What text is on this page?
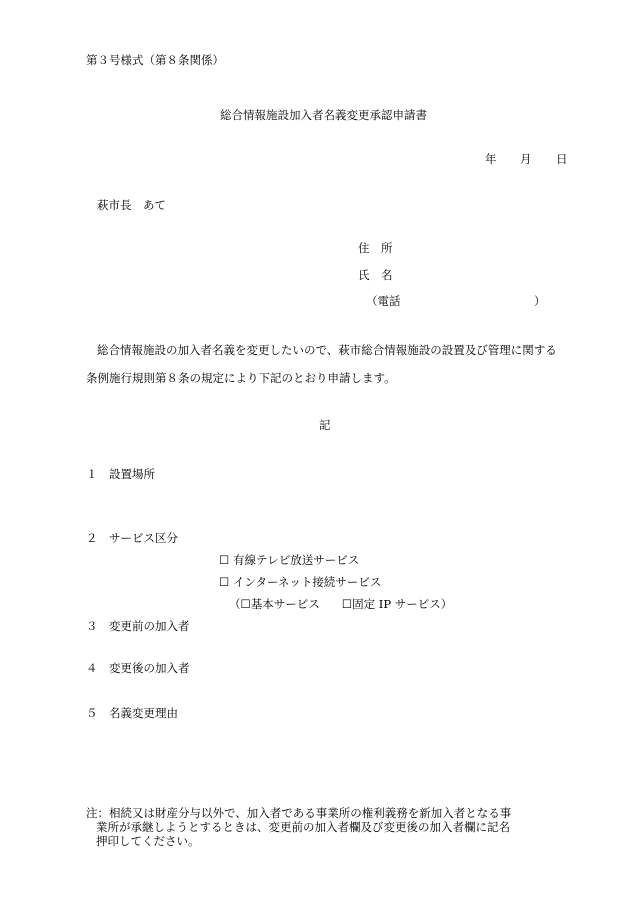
第３号様式（第８条関係）
総合情報施設加入者名義変更承認申請書
年 月 日
萩市長　あて
住　所
氏　名
（電話	）
総合情報施設の加入者名義を変更したいので、萩市総合情報施設の設置及び管理に関する
条例施行規則第８条の規定により下記のとおり申請します。
記
１ 設置場所
２ サービス区分
☐ 有線テレビ放送サービス
☐ インターネット接続サービス
（☐基本サービス ☐固定 IP サービス）
３ 変更前の加入者
４ 変更後の加入者
５ 名義変更理由
注：相続又は財産分与以外で、加入者である事業所の権利義務を新加入者となる事
業所が承継しようとするときは、変更前の加入者欄及び変更後の加入者欄に記名
押印してください。
